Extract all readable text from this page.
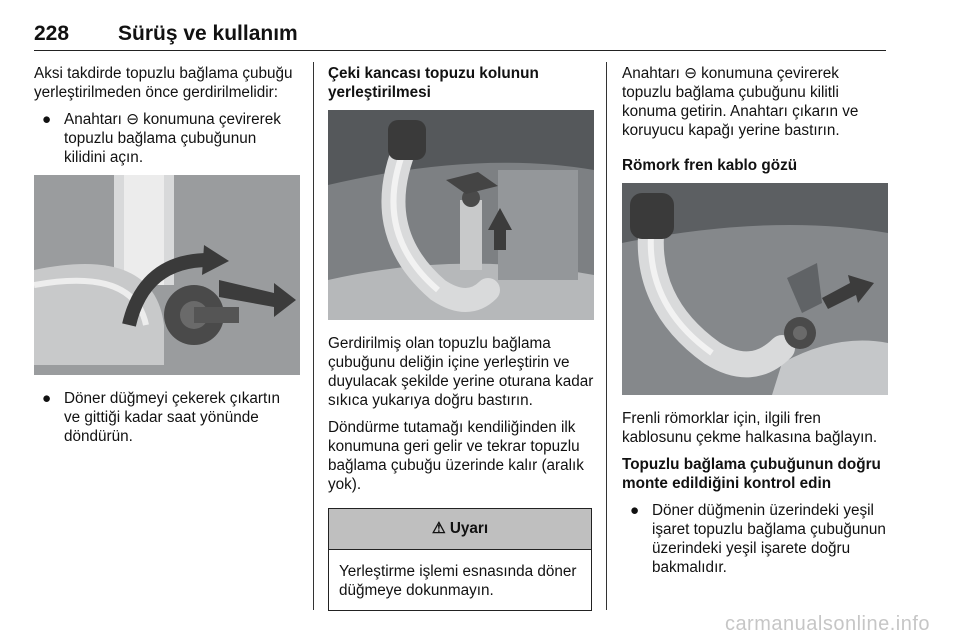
228 Sürüş ve kullanım

Aksi takdirde topuzlu bağlama çubuğu yerleştirilmeden önce gerdirilmelidir:

● Anahtarı ⊖ konumuna çevirerek topuzlu bağlama çubuğunun kilidini açın.
● Döner düğmeyi çekerek çıkartın ve gittiği kadar saat yönünde döndürün.

Çeki kancası topuzu kolunun yerleştirilmesi

Gerdirilmiş olan topuzlu bağlama çubuğunu deliğin içine yerleştirin ve duyulacak şekilde yerine oturana kadar sıkıca yukarıya doğru bastırın.

Döndürme tutamağı kendiliğinden ilk konumuna geri gelir ve tekrar topuzlu bağlama çubuğu üzerinde kalır (aralık yok).

⚠ Uyarı
Yerleştirme işlemi esnasında döner düğmeye dokunmayın.

Anahtarı ⊖ konumuna çevirerek topuzlu bağlama çubuğunu kilitli konuma getirin. Anahtarı çıkarın ve koruyucu kapağı yerine bastırın.

Römork fren kablo gözü

Frenli römorklar için, ilgili fren kablosunu çekme halkasına bağlayın.

Topuzlu bağlama çubuğunun doğru monte edildiğini kontrol edin

● Döner düğmenin üzerindeki yeşil işaret topuzlu bağlama çubuğunun üzerindeki yeşil işarete doğru bakmalıdır.
carmanualsonline.info
